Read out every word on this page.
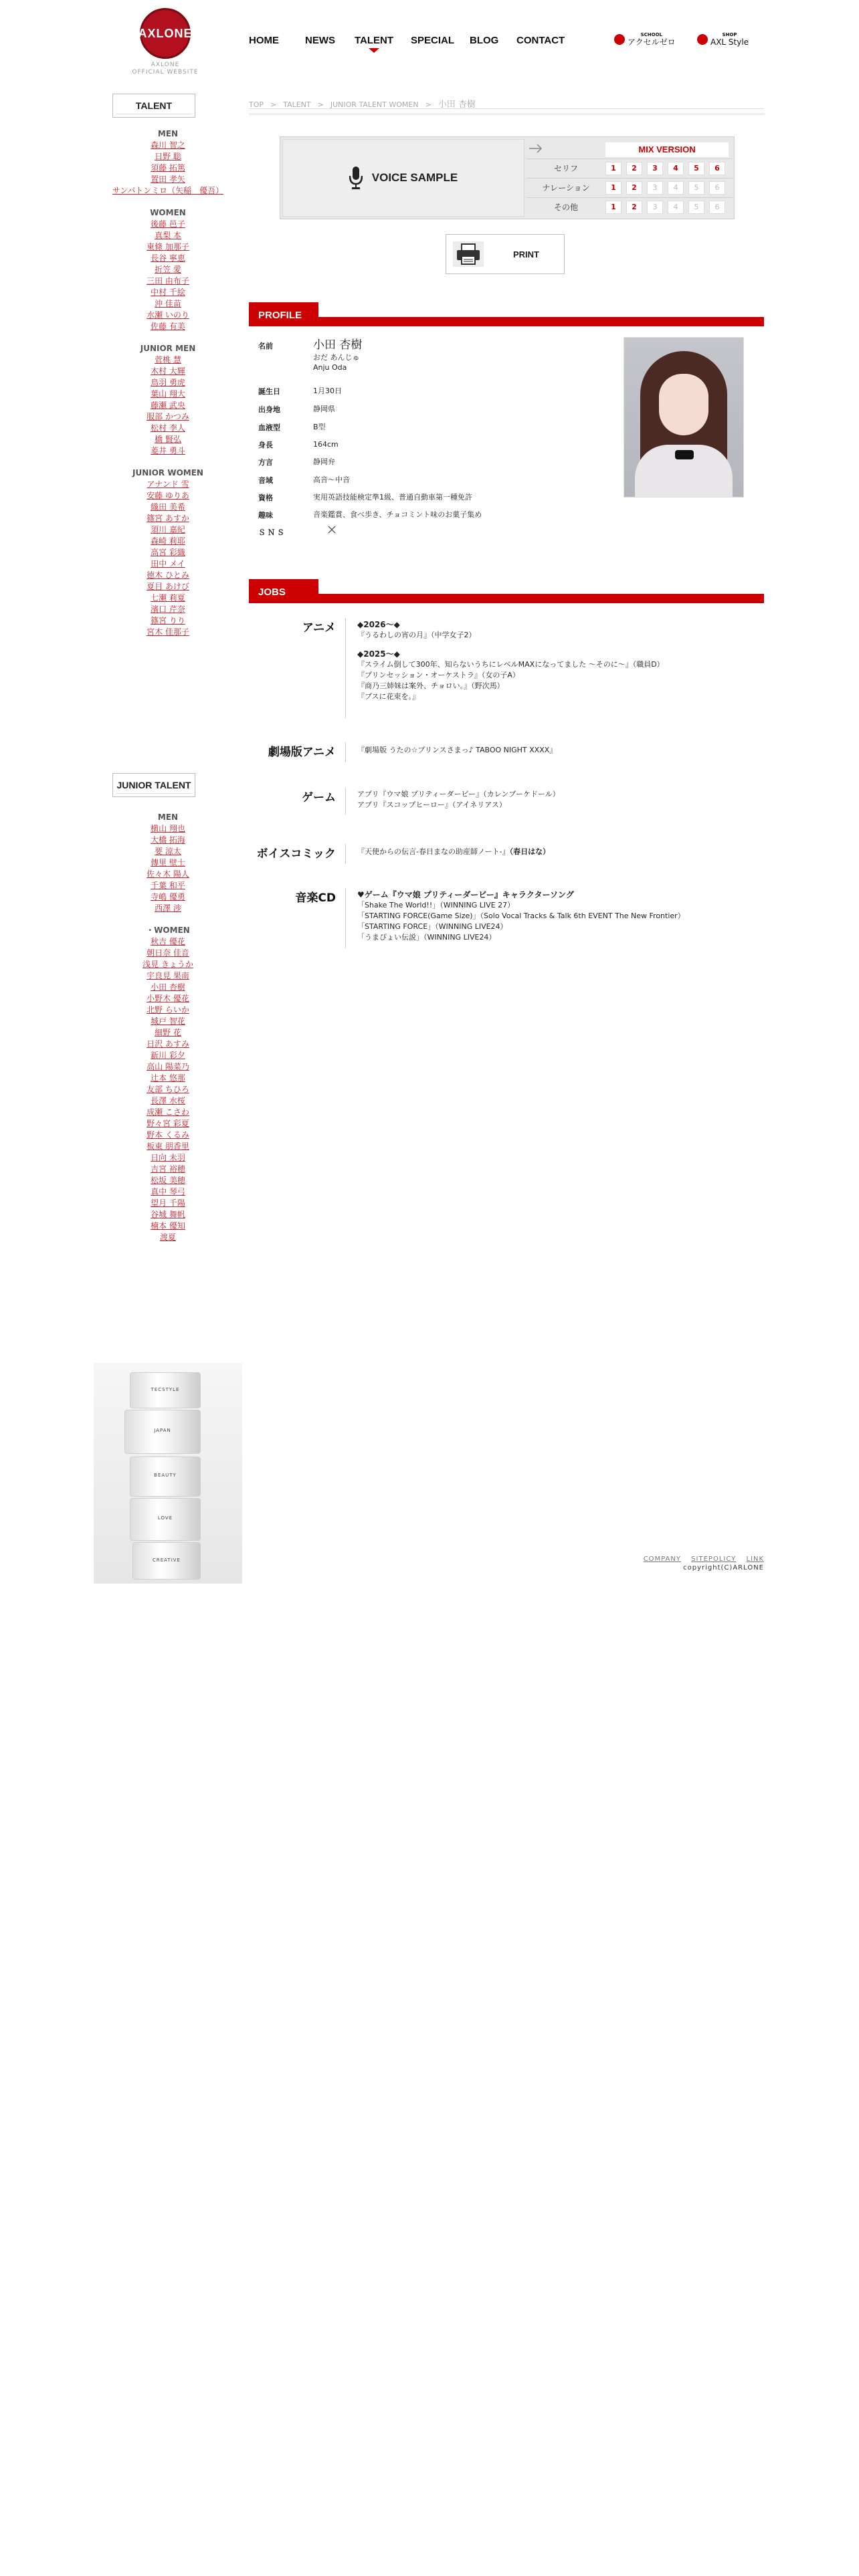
AXLONE
AXLONE
OFFICIAL WEBSITE
TALENT
MEN
森川 智之
日野 聡
須藤 拓篤
置田 孝矢
サンパトンミロ（矢稲　優吾）
WOMEN
後藤 邑子
真梨 本
東條 加那子
長谷 寧恵
折笠 愛
三田 由布子
中村 千絵
沖 佳苗
水瀬 いのり
佐藤 有美
JUNIOR MEN
菅桃 慧
木村 大輝
鳥羽 勇虎
葉山 翔大
藤瀬 武央
服部 かつみ
松村 李人
橋 賢弘
菱井 勇斗
JUNIOR WOMEN
アナンド 雪
安藤 ゆりあ
織田 美希
篠宮 あすか
須川 嘉紀
森崎 莉耶
高宮 彩織
田中 メイ
徳木 ひとみ
夏目 あけび
七瀬 莉夏
濱口 芹奈
篠宮 りり
宮木 佳那子
JUNIOR TALENT
MEN
横山 翔也
大橋 拓海
要 涼太
傳里 壁士
佐々木 陽人
千葉 和平
寺嶋 優勇
西澤 渉
・WOMEN
秋吉 優花
朝日奈 佳音
浅見 きょうか
宇良見 果南
小田 杏樹
小野木 優花
北野 らいか
城戸 智花
細野 花
日沢 あすみ
新川 彩夕
高山 陽菜乃
辻本 悠那
友部 ちひろ
長澤 水桜
成瀬 こさわ
野々宮 彩夏
野本 くるみ
板東 朋香里
日向 未羽
吉宮 裕穂
松坂 美穂
真中 琴弓
望月 千陽
谷城 舞帆
楠本 優知
渡夏
TECSTYLE
JAPAN
BEAUTY
LOVE
CREATIVE
HOME	NEWS TALENT SPECIAL BLOG CONTACT	SCHOOL
アクセルゼロ
SHOP
AXL Style
TOP > TALENT > JUNIOR TALENT WOMEN > 小田 杏樹
VOICE SAMPLE
MIX VERSION
セリフ	1	2	3	4	5	6
ナレーション	1	2	3	4	5	6
その他	1	2	3	4	5	6
PRINT
PROFILE
名前	小田 杏樹
おだ あんじゅ
Anju Oda
誕生日	1月30日
出身地	静岡県
血液型	B型
身長	164cm
方言	静岡弁
音域	高音〜中音
資格	実用英語技能検定準1級、普通自動車第一種免許
趣味	音楽鑑賞、食べ歩き、チョコミント味のお菓子集め
ＳＮＳ
JOBS
アニメ	◆2026〜◆
『うるわしの宵の月』（中学女子2）
◆2025〜◆
『スライム倒して300年、知らないうちにレベルMAXになってました 〜そのに〜』（職員D）
『プリンセッション・オーケストラ』（女の子A）
『商乃三姉妹は案外、チョロい。』（野次馬）
『ブスに花束を。』
劇場版アニメ	『劇場版 うたの☆プリンスさまっ♪ TABOO NIGHT XXXX』
ゲーム	アプリ『ウマ娘 プリティーダービー』（カレンブーケドール）
アプリ『スコップヒーロー』（アイネリアス）
ボイスコミック	『天使からの伝言-春日まなの助産師ノート-』（春日はな）
音楽CD	♥ゲーム『ウマ娘 プリティーダービー』キャラクターソング
「Shake The World!!」（WINNING LIVE 27）
「STARTING FORCE(Game Size)」（Solo Vocal Tracks & Talk 6th EVENT The New Frontier）
「STARTING FORCE」（WINNING LIVE24）
「うまぴょい伝説」（WINNING LIVE24）
COMPANY SITEPOLICY LINK
copyright(C)ARLONE
